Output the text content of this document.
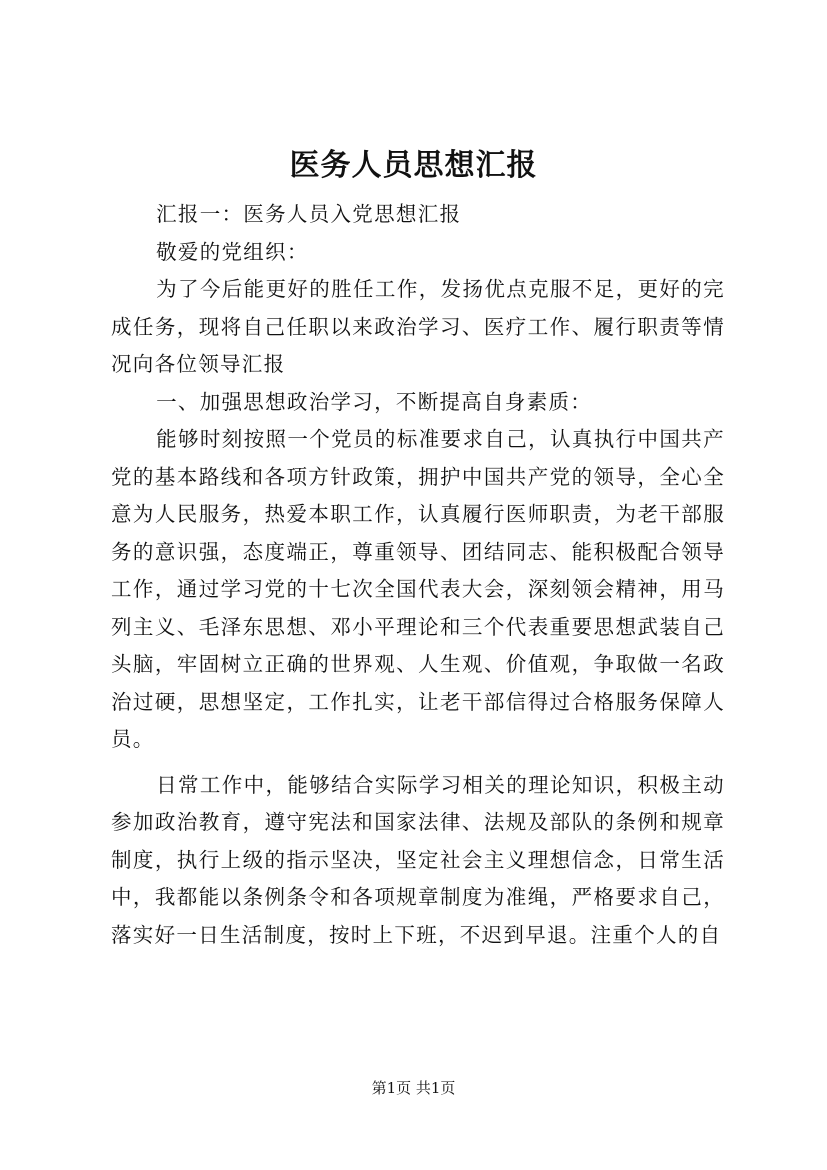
医务人员思想汇报

汇报一：医务人员入党思想汇报

敬爱的党组织：

为了今后能更好的胜任工作，发扬优点克服不足，更好的完成任务，现将自己任职以来政治学习、医疗工作、履行职责等情况向各位领导汇报

一、加强思想政治学习，不断提高自身素质：

能够时刻按照一个党员的标准要求自己，认真执行中国共产党的基本路线和各项方针政策，拥护中国共产党的领导，全心全意为人民服务，热爱本职工作，认真履行医师职责，为老干部服务的意识强，态度端正，尊重领导、团结同志、能积极配合领导工作，通过学习党的十七次全国代表大会，深刻领会精神，用马列主义、毛泽东思想、邓小平理论和三个代表重要思想武装自己头脑，牢固树立正确的世界观、人生观、价值观，争取做一名政治过硬，思想坚定，工作扎实，让老干部信得过合格服务保障人员。

日常工作中，能够结合实际学习相关的理论知识，积极主动参加政治教育，遵守宪法和国家法律、法规及部队的条例和规章制度，执行上级的指示坚决，坚定社会主义理想信念，日常生活中，我都能以条例条令和各项规章制度为准绳，严格要求自己，落实好一日生活制度，按时上下班，不迟到早退。注重个人的自

第1页 共1页
